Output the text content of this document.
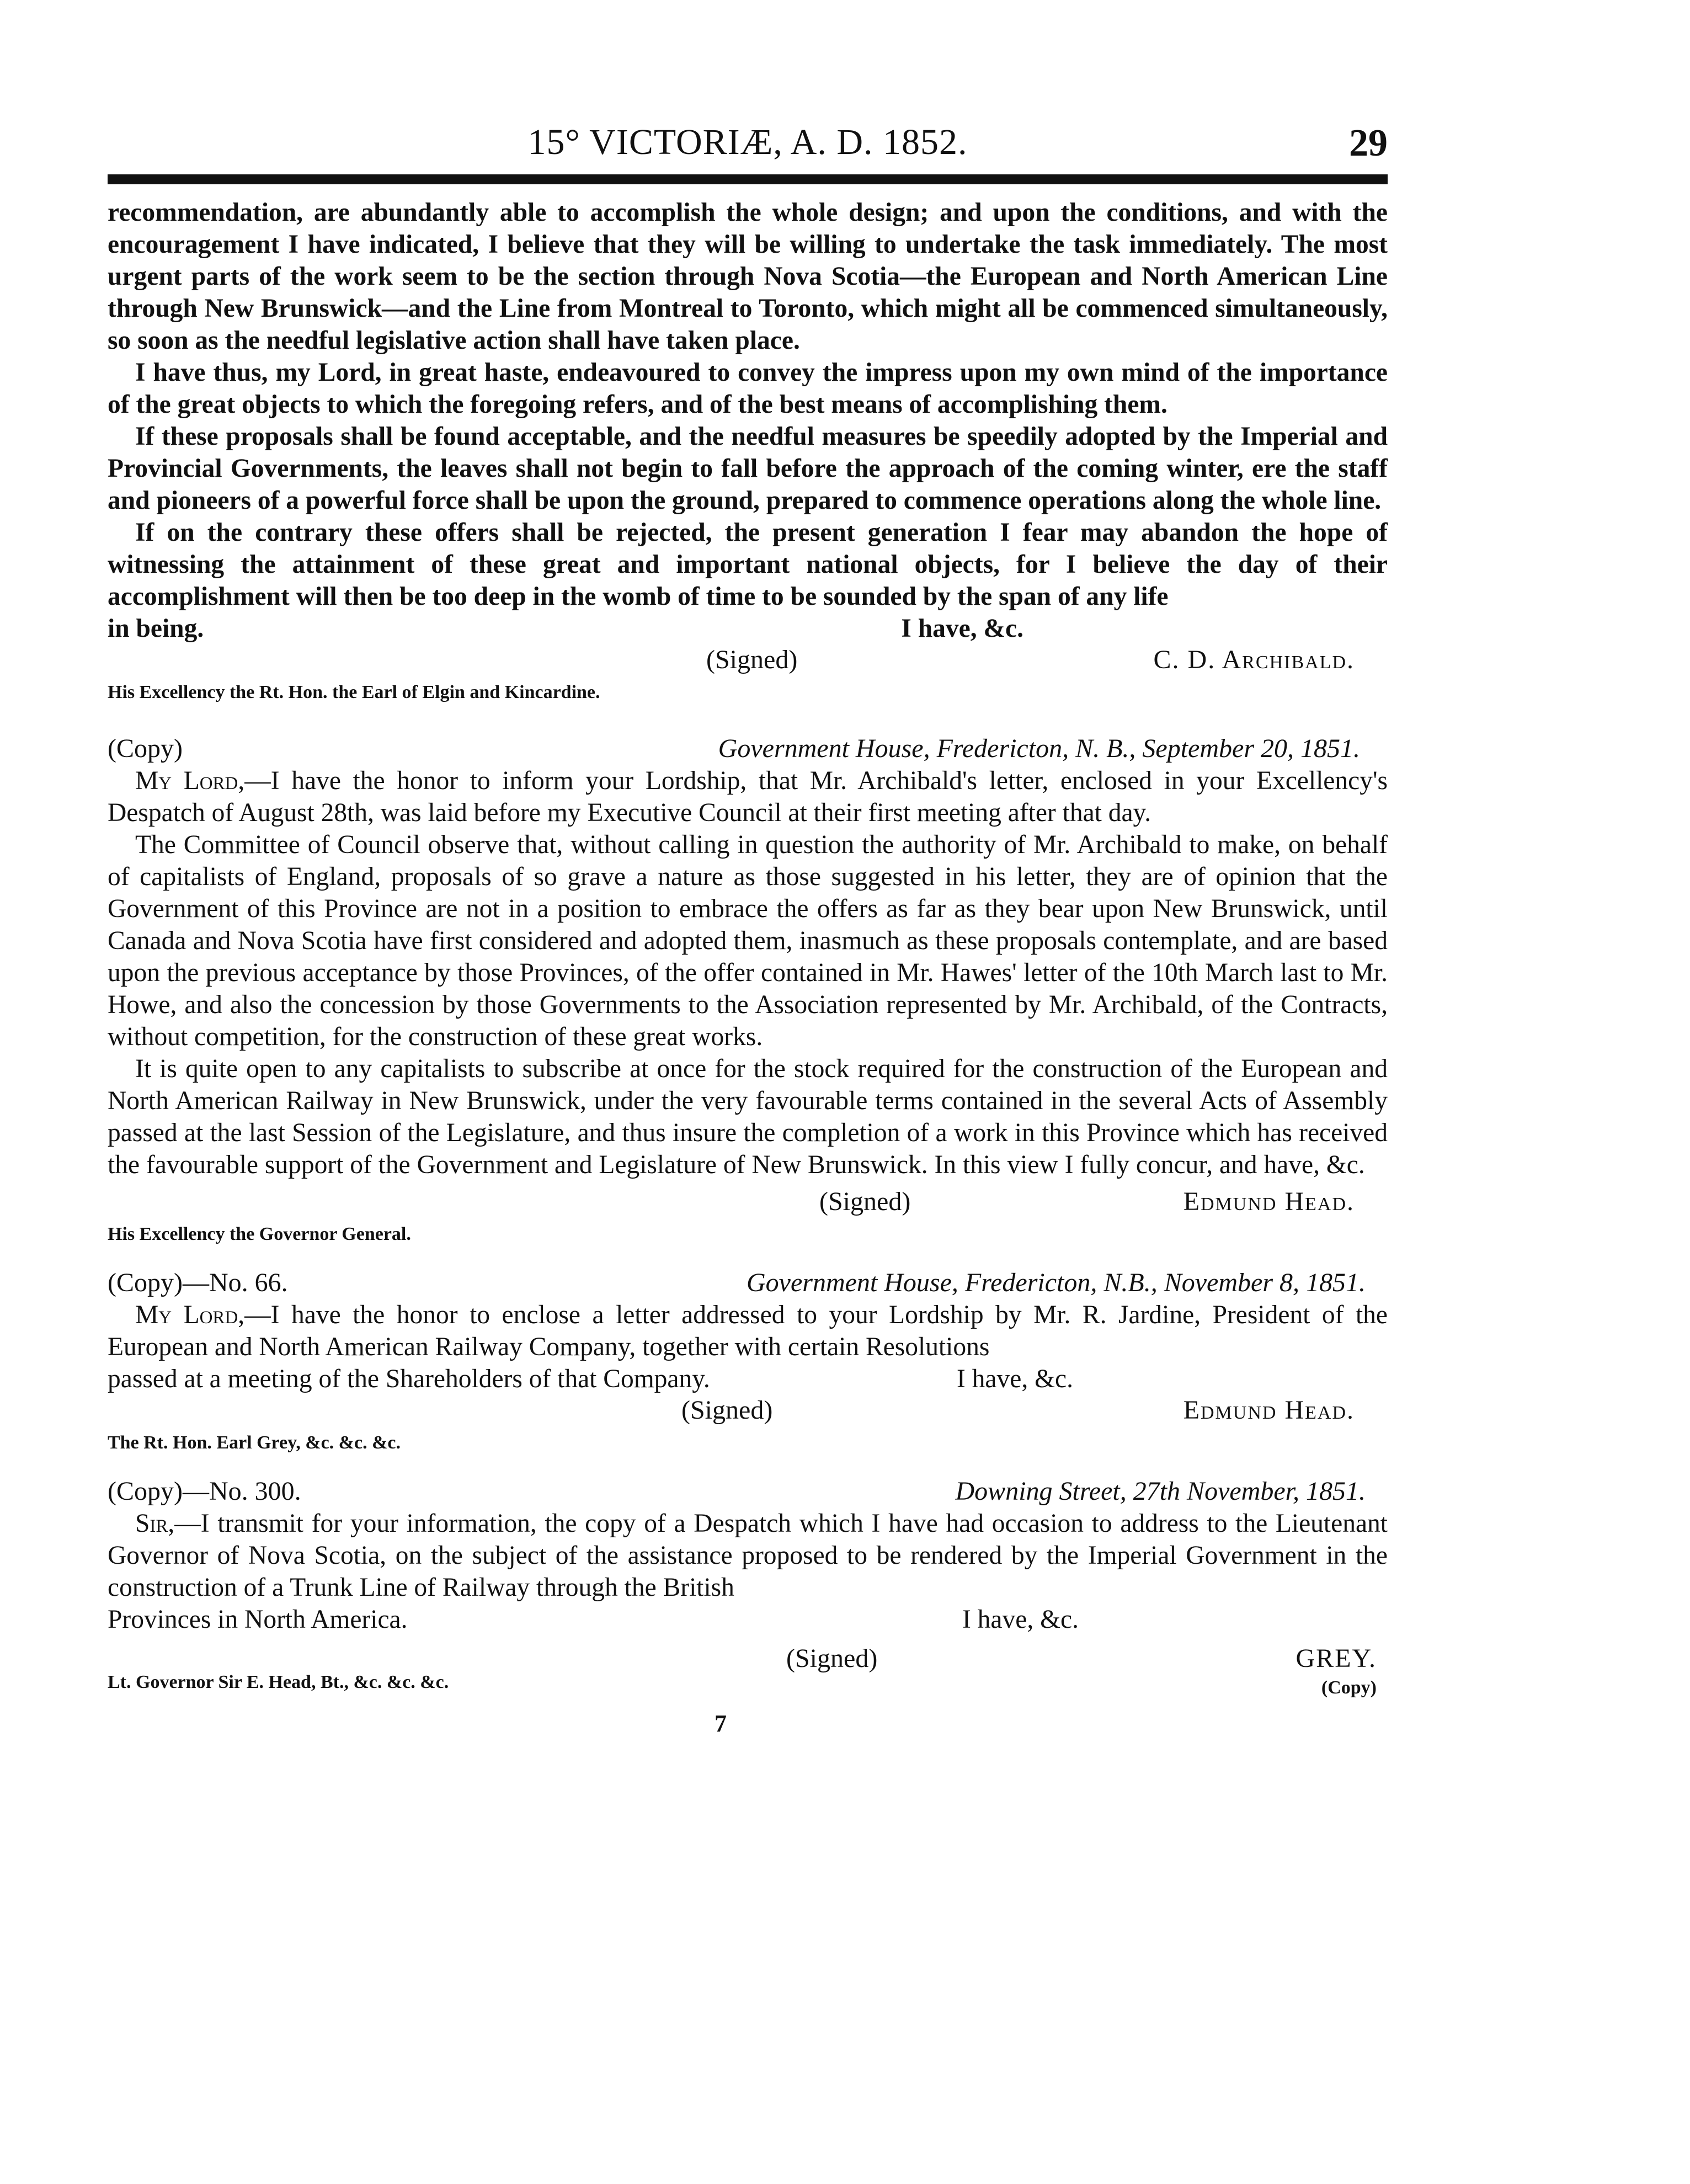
15° VICTORIÆ, A. D. 1852.	29

recommendation, are abundantly able to accomplish the whole design; and upon the conditions, and with the encouragement I have indicated, I believe that they will be willing to undertake the task immediately. The most urgent parts of the work seem to be the section through Nova Scotia—the European and North American Line through New Brunswick—and the Line from Montreal to Toronto, which might all be commenced simultaneously, so soon as the needful legislative action shall have taken place.

I have thus, my Lord, in great haste, endeavoured to convey the impress upon my own mind of the importance of the great objects to which the foregoing refers, and of the best means of accomplishing them.

If these proposals shall be found acceptable, and the needful measures be speedily adopted by the Imperial and Provincial Governments, the leaves shall not begin to fall before the approach of the coming winter, ere the staff and pioneers of a powerful force shall be upon the ground, prepared to commence operations along the whole line.

If on the contrary these offers shall be rejected, the present generation I fear may abandon the hope of witnessing the attainment of these great and important national objects, for I believe the day of their accomplishment will then be too deep in the womb of time to be sounded by the span of any life

in being.	I have, &c.
(Signed)	C. D. Archibald.
His Excellency the Rt. Hon. the Earl of Elgin and Kincardine.
(Copy)	Government House, Fredericton, N. B., September 20, 1851.

My Lord,—I have the honor to inform your Lordship, that Mr. Archibald's letter, enclosed in your Excellency's Despatch of August 28th, was laid before my Executive Council at their first meeting after that day.

The Committee of Council observe that, without calling in question the authority of Mr. Archibald to make, on behalf of capitalists of England, proposals of so grave a nature as those suggested in his letter, they are of opinion that the Government of this Province are not in a position to embrace the offers as far as they bear upon New Brunswick, until Canada and Nova Scotia have first considered and adopted them, inasmuch as these proposals contemplate, and are based upon the previous acceptance by those Provinces, of the offer contained in Mr. Hawes' letter of the 10th March last to Mr. Howe, and also the concession by those Governments to the Association represented by Mr. Archibald, of the Contracts, without competition, for the construction of these great works.

It is quite open to any capitalists to subscribe at once for the stock required for the construction of the European and North American Railway in New Brunswick, under the very favourable terms contained in the several Acts of Assembly passed at the last Session of the Legislature, and thus insure the completion of a work in this Province which has received the favourable support of the Government and Legislature of New Brunswick. In this view I fully concur, and have, &c.

(Signed)	Edmund Head.
His Excellency the Governor General.
(Copy)—No. 66.	Government House, Fredericton, N.B., November 8, 1851.

My Lord,—I have the honor to enclose a letter addressed to your Lordship by Mr. R. Jardine, President of the European and North American Railway Company, together with certain Resolutions

passed at a meeting of the Shareholders of that Company.	I have, &c.
(Signed)	Edmund Head.
The Rt. Hon. Earl Grey, &c. &c. &c.
(Copy)—No. 300.	Downing Street, 27th November, 1851.

Sir,—I transmit for your information, the copy of a Despatch which I have had occasion to address to the Lieutenant Governor of Nova Scotia, on the subject of the assistance proposed to be rendered by the Imperial Government in the construction of a Trunk Line of Railway through the British

Provinces in North America.	I have, &c.
(Signed)	GREY.
Lt. Governor Sir E. Head, Bt., &c. &c. &c.	(Copy)
7
